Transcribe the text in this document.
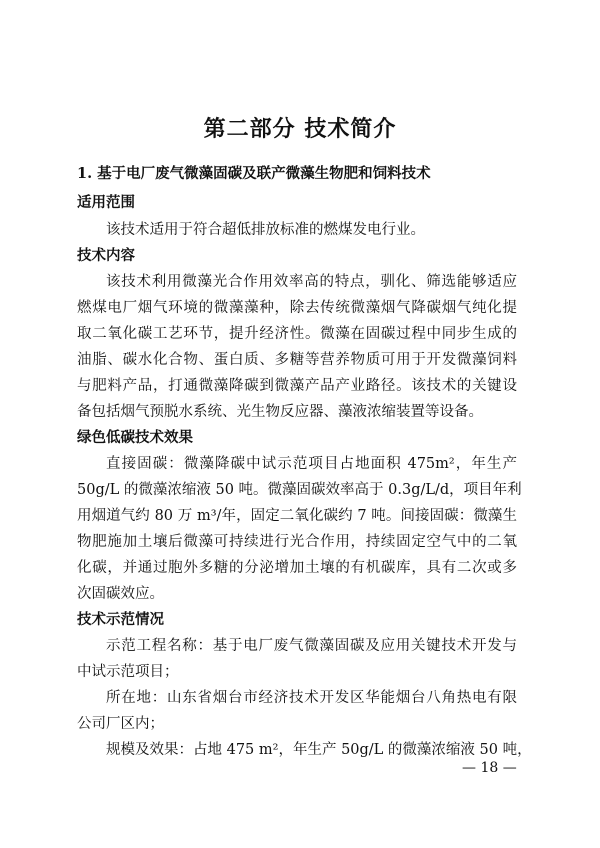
第二部分 技术简介

1. 基于电厂废气微藻固碳及联产微藻生物肥和饲料技术

适用范围

该技术适用于符合超低排放标准的燃煤发电行业。

技术内容

该技术利用微藻光合作用效率高的特点，驯化、筛选能够适应

燃煤电厂烟气环境的微藻藻种，除去传统微藻烟气降碳烟气纯化提

取二氧化碳工艺环节，提升经济性。微藻在固碳过程中同步生成的

油脂、碳水化合物、蛋白质、多糖等营养物质可用于开发微藻饲料

与肥料产品，打通微藻降碳到微藻产品产业路径。该技术的关键设

备包括烟气预脱水系统、光生物反应器、藻液浓缩装置等设备。

绿色低碳技术效果

直接固碳：微藻降碳中试示范项目占地面积 475m²，年生产

50g/L 的微藻浓缩液 50 吨。微藻固碳效率高于 0.3g/L/d，项目年利

用烟道气约 80 万 m³/年，固定二氧化碳约 7 吨。间接固碳：微藻生

物肥施加土壤后微藻可持续进行光合作用，持续固定空气中的二氧

化碳，并通过胞外多糖的分泌增加土壤的有机碳库，具有二次或多

次固碳效应。

技术示范情况

示范工程名称：基于电厂废气微藻固碳及应用关键技术开发与

中试示范项目；

所在地：山东省烟台市经济技术开发区华能烟台八角热电有限

公司厂区内；

规模及效果：占地 475 m²，年生产 50g/L 的微藻浓缩液 50 吨，

— 18 —
